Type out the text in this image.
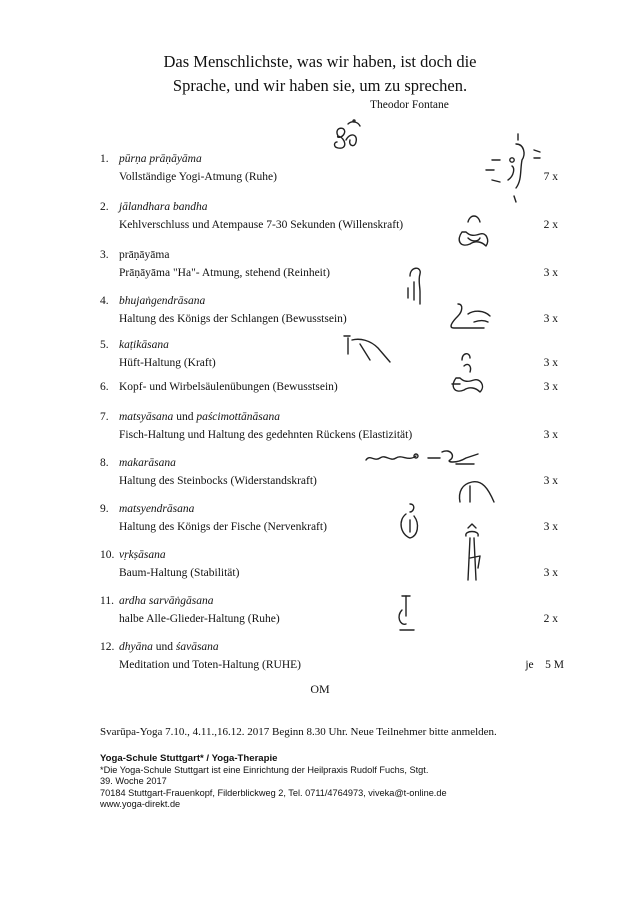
Das Menschlichste, was wir haben, ist doch die
Sprache, und wir haben sie, um zu sprechen.
Theodor Fontane
1. pūrṇa prāṇāyāma
Vollständige Yogi-Atmung (Ruhe)	7 x
2. jālandhara bandha
Kehlverschluss und Atempause 7-30 Sekunden (Willenskraft)	2 x
3. prāṇāyāma
Prāṇāyāma "Ha"- Atmung, stehend (Reinheit)	3 x
4. bhujaṅgendrāsana
Haltung des Königs der Schlangen (Bewusstsein)	3 x
5. kaṭikāsana
Hüft-Haltung (Kraft)	3 x
6. Kopf- und Wirbelsäulenübungen (Bewusstsein)	3 x
7. matsyāsana und paścimottānāsana
Fisch-Haltung und Haltung des gedehnten Rückens (Elastizität)	3 x
8. makarāsana
Haltung des Steinbocks (Widerstandskraft)	3 x
9. matsyendrāsana
Haltung des Königs der Fische (Nervenkraft)	3 x
10. vṛkṣāsana
Baum-Haltung (Stabilität)	3 x
11. ardha sarvāṅgāsana
halbe Alle-Glieder-Haltung (Ruhe)	2 x
12. dhyāna und śavāsana
Meditation und Toten-Haltung (RUHE)	je 5 M
OM
Svarūpa-Yoga 7.10., 4.11.,16.12. 2017 Beginn 8.30 Uhr. Neue Teilnehmer bitte anmelden.
Yoga-Schule Stuttgart* / Yoga-Therapie
*Die Yoga-Schule Stuttgart ist eine Einrichtung der Heilpraxis Rudolf Fuchs, Stgt.
39. Woche 2017
70184 Stuttgart-Frauenkopf, Filderblickweg 2, Tel. 0711/4764973, viveka@t-online.de
www.yoga-direkt.de
